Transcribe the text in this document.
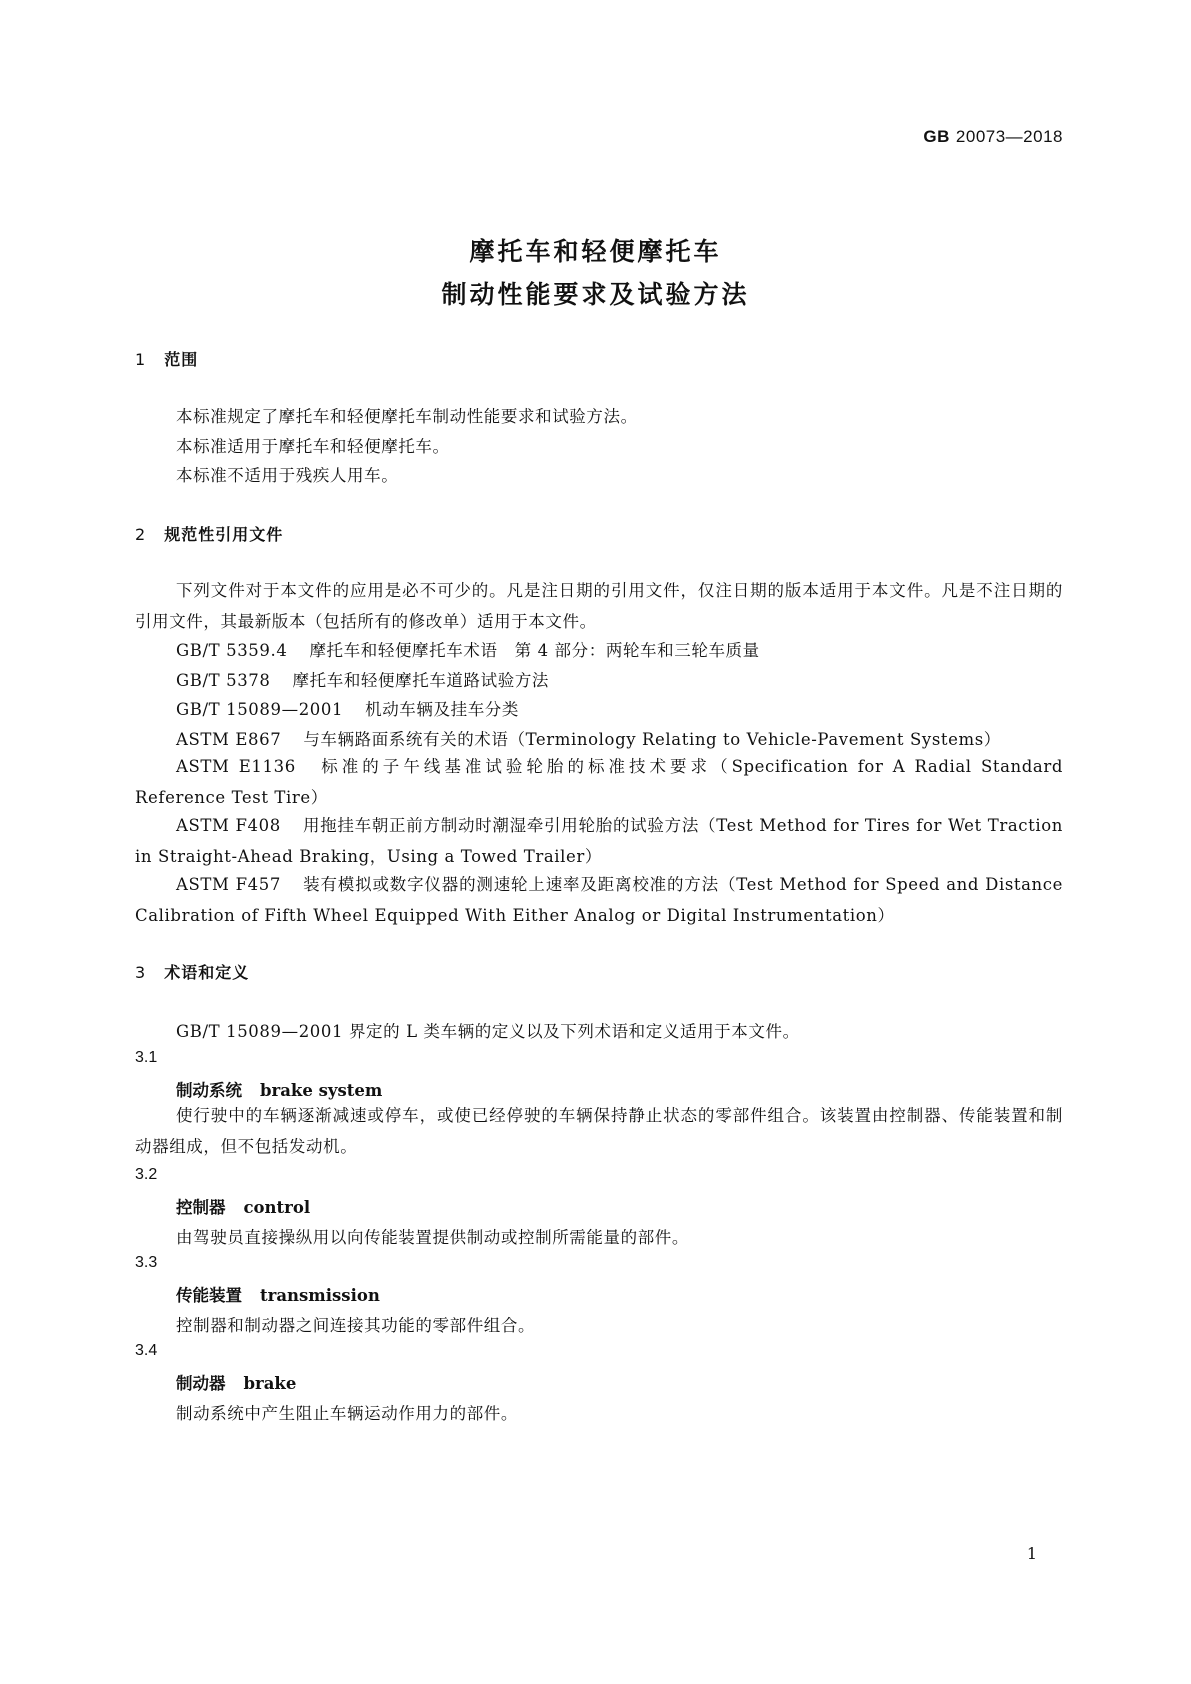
GB 20073—2018
摩托车和轻便摩托车
制动性能要求及试验方法
1 范围
本标准规定了摩托车和轻便摩托车制动性能要求和试验方法。
本标准适用于摩托车和轻便摩托车。
本标准不适用于残疾人用车。
2 规范性引用文件
下列文件对于本文件的应用是必不可少的。凡是注日期的引用文件，仅注日期的版本适用于本文件。凡是不注日期的引用文件，其最新版本（包括所有的修改单）适用于本文件。
GB/T 5359.4 摩托车和轻便摩托车术语　第 4 部分：两轮车和三轮车质量
GB/T 5378 摩托车和轻便摩托车道路试验方法
GB/T 15089—2001 机动车辆及挂车分类
ASTM E867 与车辆路面系统有关的术语（Terminology Relating to Vehicle-Pavement Systems）
ASTM E1136 标准的子午线基准试验轮胎的标准技术要求（Specification for A Radial Standard Reference Test Tire）
ASTM F408 用拖挂车朝正前方制动时潮湿牵引用轮胎的试验方法（Test Method for Tires for Wet Traction in Straight-Ahead Braking，Using a Towed Trailer）
ASTM F457 装有模拟或数字仪器的测速轮上速率及距离校准的方法（Test Method for Speed and Distance Calibration of Fifth Wheel Equipped With Either Analog or Digital Instrumentation）
3 术语和定义
GB/T 15089—2001 界定的 L 类车辆的定义以及下列术语和定义适用于本文件。
3.1
制动系统 brake system
使行驶中的车辆逐渐减速或停车，或使已经停驶的车辆保持静止状态的零部件组合。该装置由控制器、传能装置和制动器组成，但不包括发动机。
3.2
控制器 control
由驾驶员直接操纵用以向传能装置提供制动或控制所需能量的部件。
3.3
传能装置 transmission
控制器和制动器之间连接其功能的零部件组合。
3.4
制动器 brake
制动系统中产生阻止车辆运动作用力的部件。
1
